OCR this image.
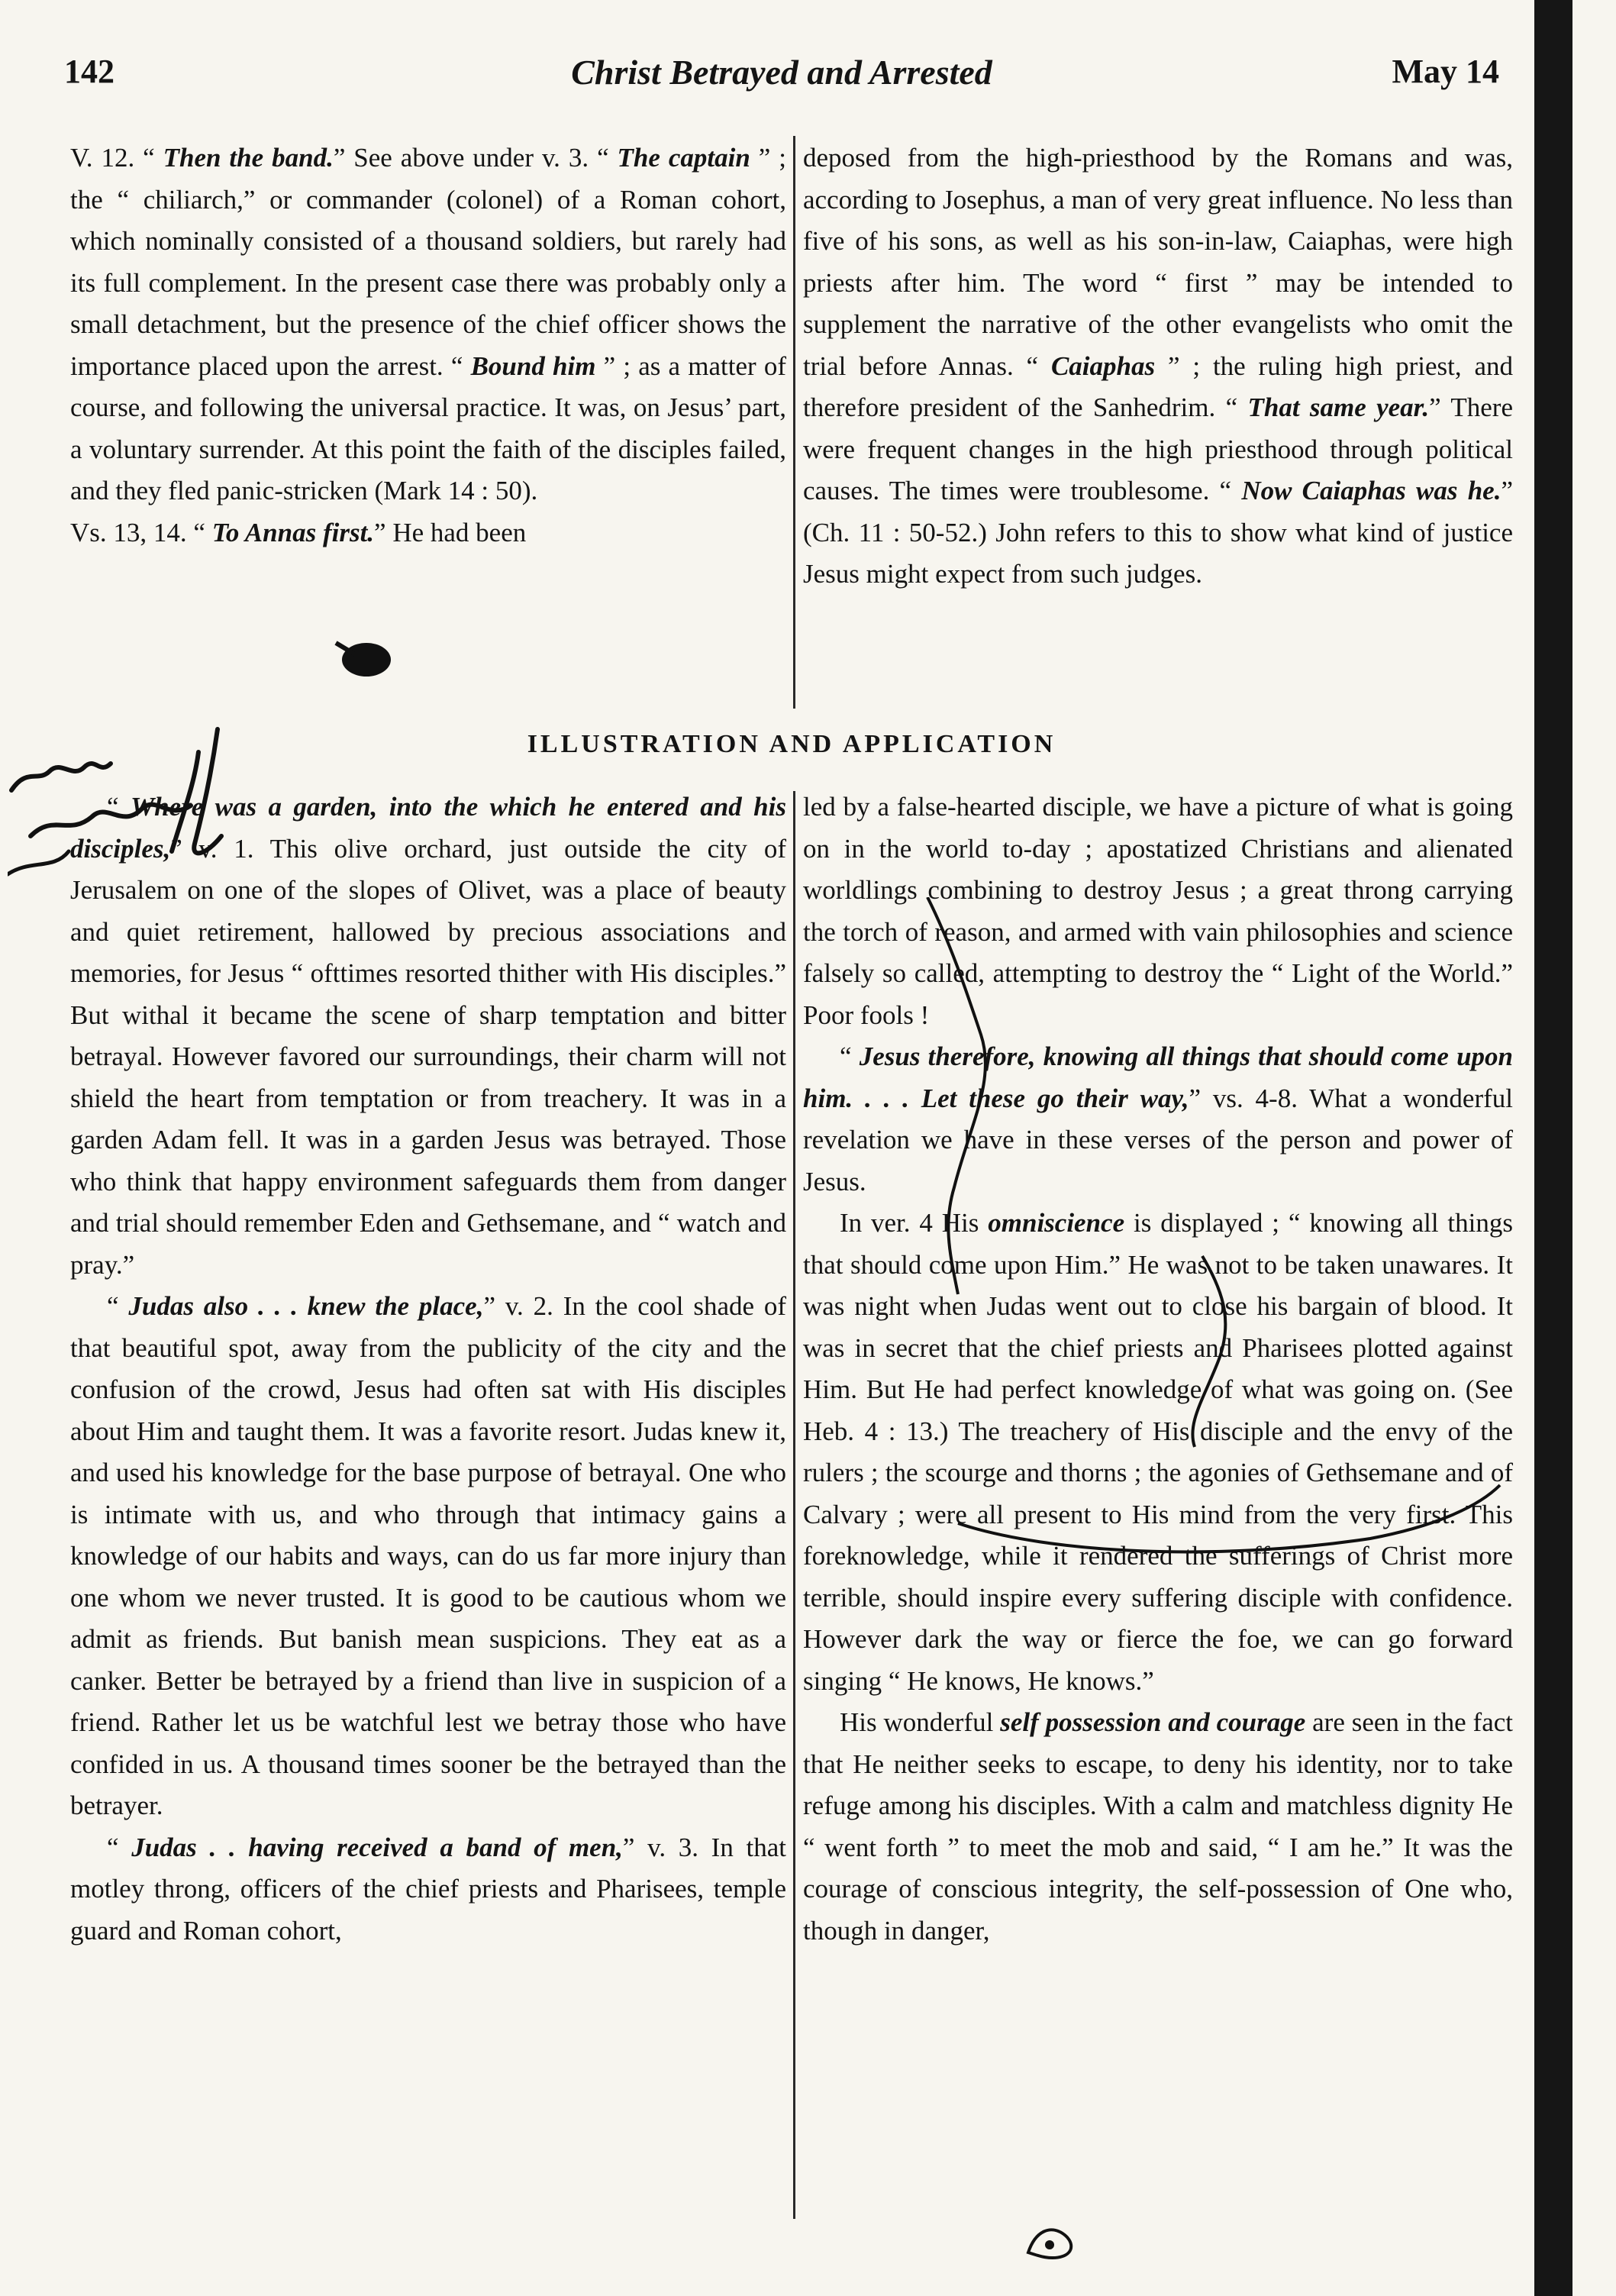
142	Christ Betrayed and Arrested	May 14

V. 12. “ Then the band.” See above under v. 3. “ The captain ” ; the “ chiliarch,” or commander (colonel) of a Roman cohort, which nominally consisted of a thousand soldiers, but rarely had its full complement. In the present case there was probably only a small detachment, but the presence of the chief officer shows the importance placed upon the arrest. “ Bound him ” ; as a matter of course, and following the universal practice. It was, on Jesus’ part, a voluntary surrender. At this point the faith of the disciples failed, and they fled panic-stricken (Mark 14 : 50).

Vs. 13, 14. “ To Annas first.” He had been

deposed from the high-priesthood by the Romans and was, according to Josephus, a man of very great influence. No less than five of his sons, as well as his son-in-law, Caiaphas, were high priests after him. The word “ first ” may be intended to supplement the narrative of the other evangelists who omit the trial before Annas. “ Caiaphas ” ; the ruling high priest, and therefore president of the Sanhedrim. “ That same year.” There were frequent changes in the high priesthood through political causes. The times were troublesome. “ Now Caiaphas was he.” (Ch. 11 : 50-52.) John refers to this to show what kind of justice Jesus might expect from such judges.

ILLUSTRATION AND APPLICATION

“ Where was a garden, into the which he entered and his disciples,” v. 1. This olive orchard, just outside the city of Jerusalem on one of the slopes of Olivet, was a place of beauty and quiet retirement, hallowed by precious associations and memories, for Jesus “ ofttimes resorted thither with His disciples.” But withal it became the scene of sharp temptation and bitter betrayal. However favored our surroundings, their charm will not shield the heart from temptation or from treachery. It was in a garden Adam fell. It was in a garden Jesus was betrayed. Those who think that happy environment safeguards them from danger and trial should remember Eden and Gethsemane, and “ watch and pray.”

“ Judas also . . . knew the place,” v. 2. In the cool shade of that beautiful spot, away from the publicity of the city and the confusion of the crowd, Jesus had often sat with His disciples about Him and taught them. It was a favorite resort. Judas knew it, and used his knowledge for the base purpose of betrayal. One who is intimate with us, and who through that intimacy gains a knowledge of our habits and ways, can do us far more injury than one whom we never trusted. It is good to be cautious whom we admit as friends. But banish mean suspicions. They eat as a canker. Better be betrayed by a friend than live in suspicion of a friend. Rather let us be watchful lest we betray those who have confided in us. A thousand times sooner be the betrayed than the betrayer.

“ Judas . . having received a band of men,” v. 3. In that motley throng, officers of the chief priests and Pharisees, temple guard and Roman cohort,

led by a false-hearted disciple, we have a picture of what is going on in the world to-day ; apostatized Christians and alienated worldlings combining to destroy Jesus ; a great throng carrying the torch of reason, and armed with vain philosophies and science falsely so called, attempting to destroy the “ Light of the World.” Poor fools !

“ Jesus therefore, knowing all things that should come upon him. . . . Let these go their way,” vs. 4-8. What a wonderful revelation we have in these verses of the person and power of Jesus.

In ver. 4 His omniscience is displayed ; “ knowing all things that should come upon Him.” He was not to be taken unawares. It was night when Judas went out to close his bargain of blood. It was in secret that the chief priests and Pharisees plotted against Him. But He had perfect knowledge of what was going on. (See Heb. 4 : 13.) The treachery of His disciple and the envy of the rulers ; the scourge and thorns ; the agonies of Gethsemane and of Calvary ; were all present to His mind from the very first. This foreknowledge, while it rendered the sufferings of Christ more terrible, should inspire every suffering disciple with confidence. However dark the way or fierce the foe, we can go forward singing “ He knows, He knows.”

His wonderful self possession and courage are seen in the fact that He neither seeks to escape, to deny his identity, nor to take refuge among his disciples. With a calm and matchless dignity He “ went forth ” to meet the mob and said, “ I am he.” It was the courage of conscious integrity, the self-possession of One who, though in danger,
